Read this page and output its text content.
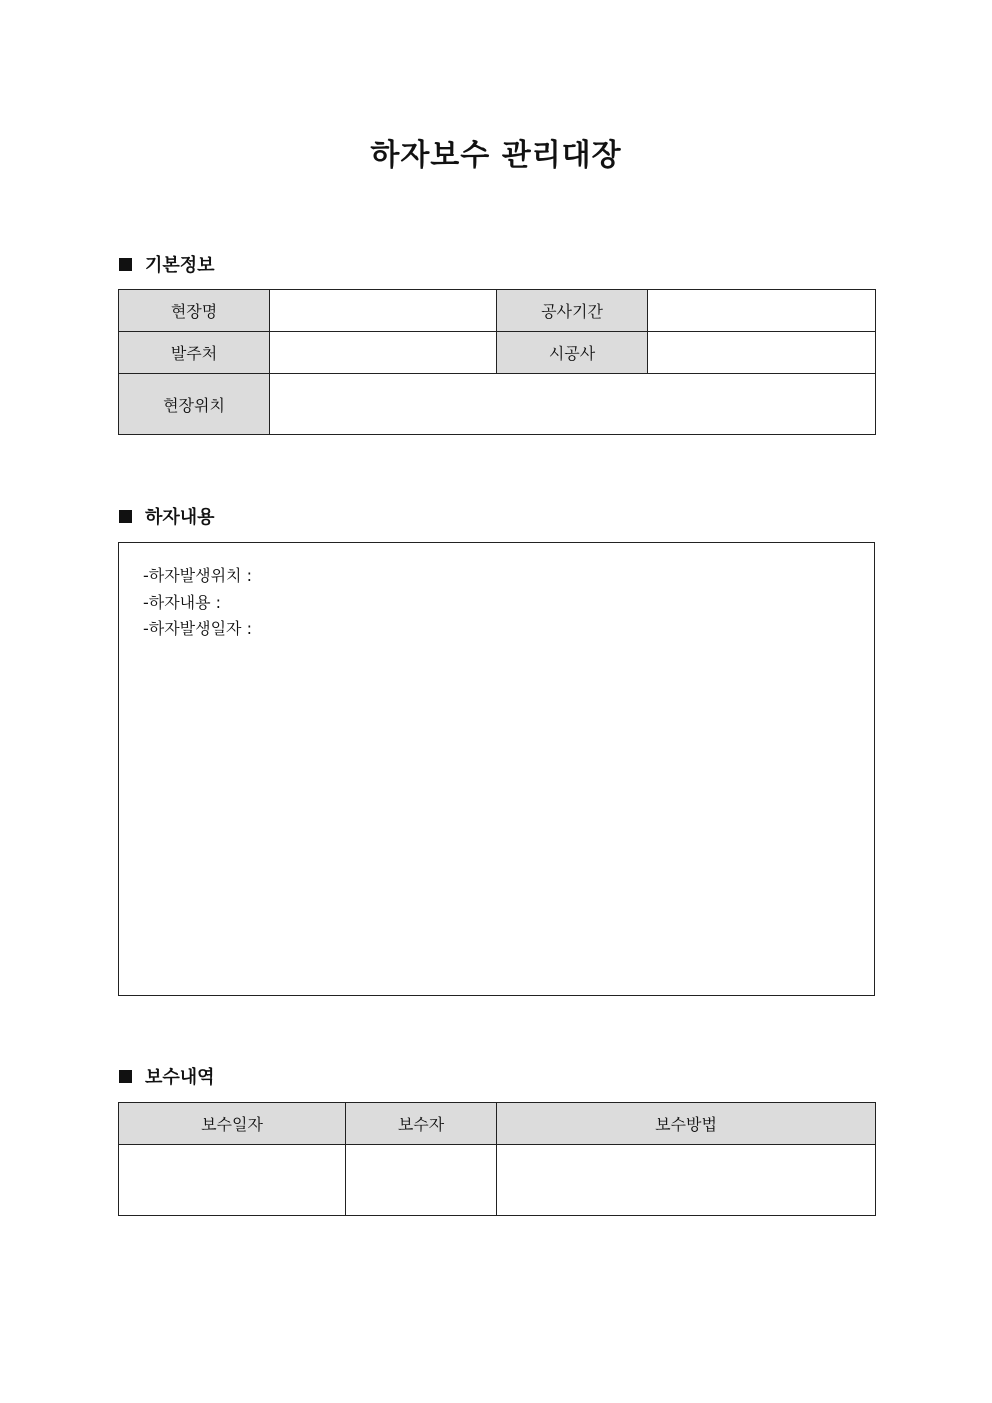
하자보수 관리대장
기본정보
현장명		공사기간	
발주처		시공사	
현장위치			
하자내용
-하자발생위치 :
-하자내용 :
-하자발생일자 :
보수내역
보수일자	보수자	보수방법
